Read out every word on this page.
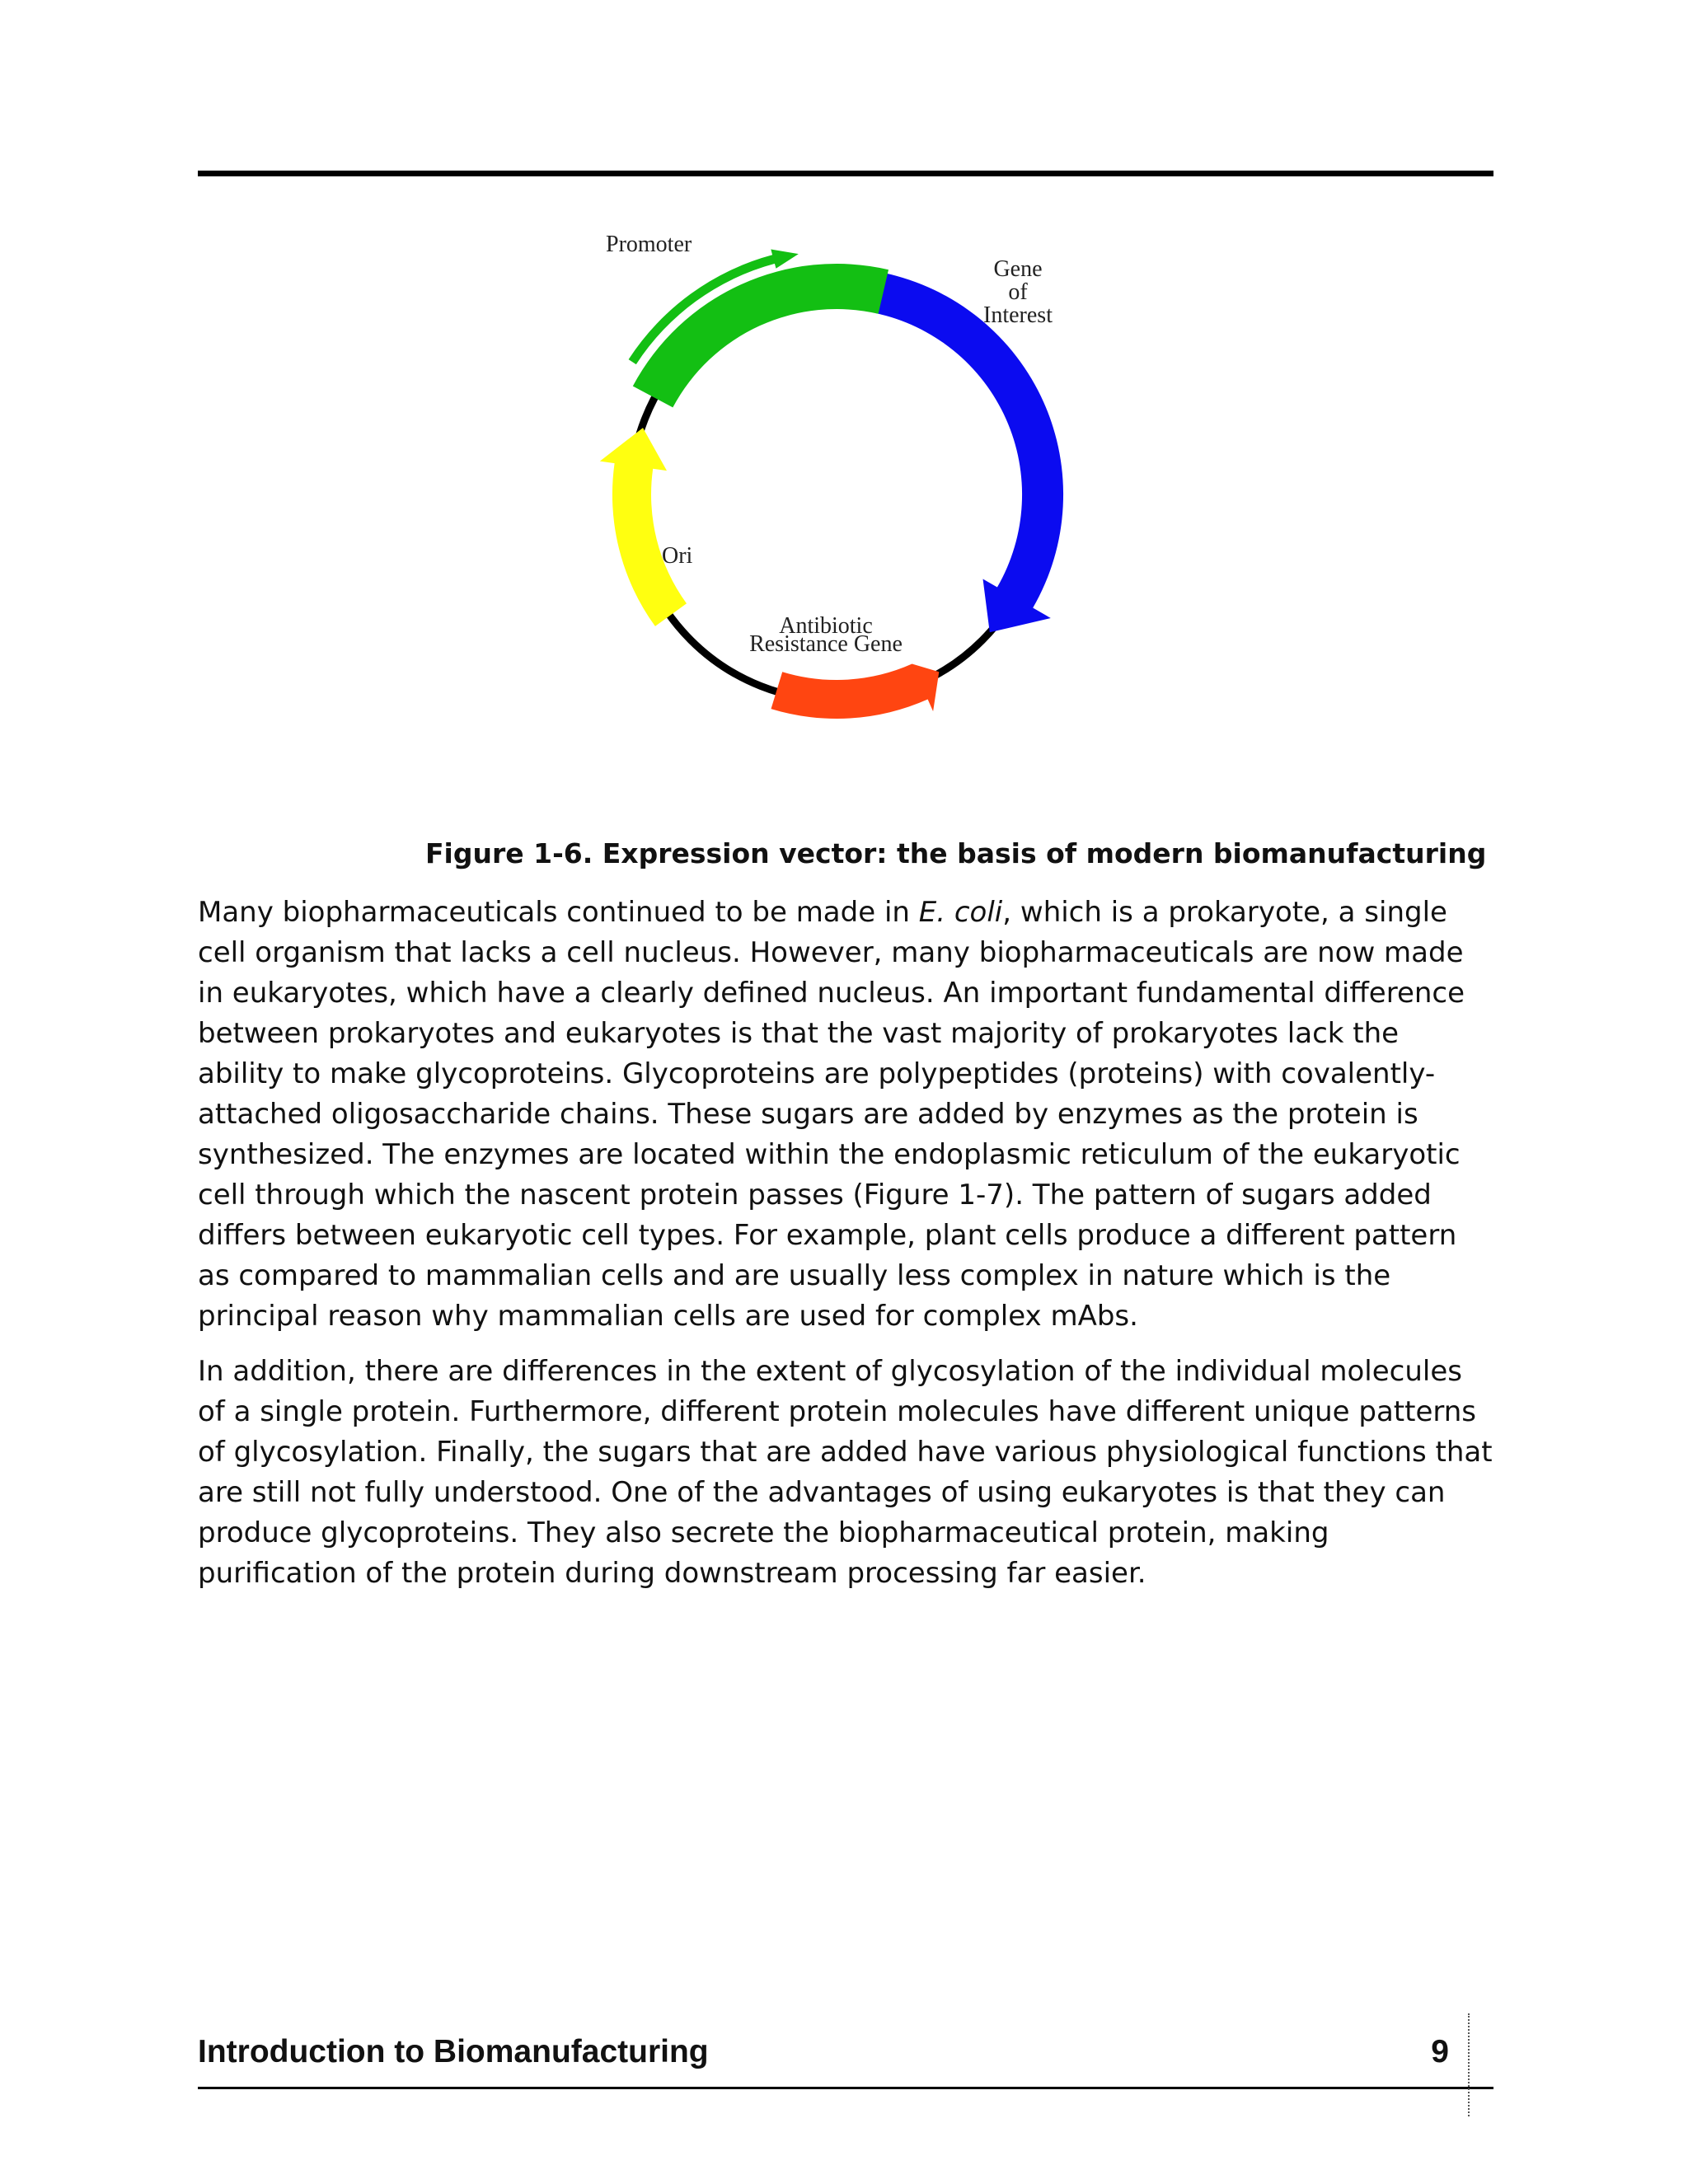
Promoter
Gene
of
Interest
Ori
Antibiotic
Resistance Gene

Figure 1-6. Expression vector: the basis of modern biomanufacturing

Many biopharmaceuticals continued to be made in E. coli, which is a prokaryote, a single cell organism that lacks a cell nucleus. However, many biopharmaceuticals are now made in eukaryotes, which have a clearly defined nucleus. An important fundamental difference between prokaryotes and eukaryotes is that the vast majority of prokaryotes lack the ability to make glycoproteins. Glycoproteins are polypeptides (proteins) with covalently-attached oligosaccharide chains. These sugars are added by enzymes as the protein is synthesized. The enzymes are located within the endoplasmic reticulum of the eukaryotic cell through which the nascent protein passes (Figure 1-7). The pattern of sugars added differs between eukaryotic cell types. For example, plant cells produce a different pattern as compared to mammalian cells and are usually less complex in nature which is the principal reason why mammalian cells are used for complex mAbs.

In addition, there are differences in the extent of glycosylation of the individual molecules of a single protein. Furthermore, different protein molecules have different unique patterns of glycosylation. Finally, the sugars that are added have various physiological functions that are still not fully understood. One of the advantages of using eukaryotes is that they can produce glycoproteins. They also secrete the biopharmaceutical protein, making purification of the protein during downstream processing far easier.

Introduction to Biomanufacturing	9
